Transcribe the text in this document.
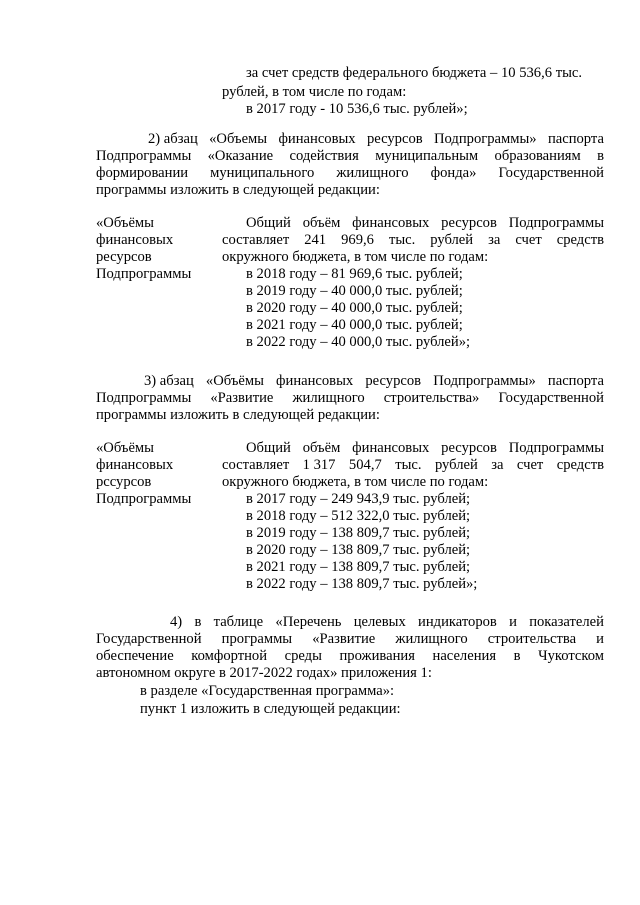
за счет средств федерального бюджета – 10 536,6 тыс.
рублей, в том числе по годам:
в 2017 году - 10 536,6 тыс. рублей»;
2) абзац «Объемы финансовых ресурсов Подпрограммы» паспорта
Подпрограммы «Оказание содействия муниципальным образованиям в
формировании муниципального жилищного фонда» Государственной
программы изложить в следующей редакции:
«Объёмы
финансовых
ресурсов
Подпрограммы
Общий объём финансовых ресурсов Подпрограммы
составляет 241 969,6 тыс. рублей за счет средств
окружного бюджета, в том числе по годам:
в 2018 году – 81 969,6 тыс. рублей;
в 2019 году – 40 000,0 тыс. рублей;
в 2020 году – 40 000,0 тыс. рублей;
в 2021 году – 40 000,0 тыс. рублей;
в 2022 году – 40 000,0 тыс. рублей»;
3) абзац «Объёмы финансовых ресурсов Подпрограммы» паспорта
Подпрограммы «Развитие жилищного строительства» Государственной
программы изложить в следующей редакции:
«Объёмы
финансовых
рссурсов
Подпрограммы
Общий объём финансовых ресурсов Подпрограммы
составляет 1 317 504,7 тыс. рублей за счет средств
окружного бюджета, в том числе по годам:
в 2017 году – 249 943,9 тыс. рублей;
в 2018 году – 512 322,0 тыс. рублей;
в 2019 году – 138 809,7 тыс. рублей;
в 2020 году – 138 809,7 тыс. рублей;
в 2021 году – 138 809,7 тыс. рублей;
в 2022 году – 138 809,7 тыс. рублей»;
4) в таблице «Перечень целевых индикаторов и показателей
Государственной программы «Развитие жилищного строительства и
обеспечение комфортной среды проживания населения в Чукотском
автономном округе в 2017-2022 годах» приложения 1:
в разделе «Государственная программа»:
пункт 1 изложить в следующей редакции:
